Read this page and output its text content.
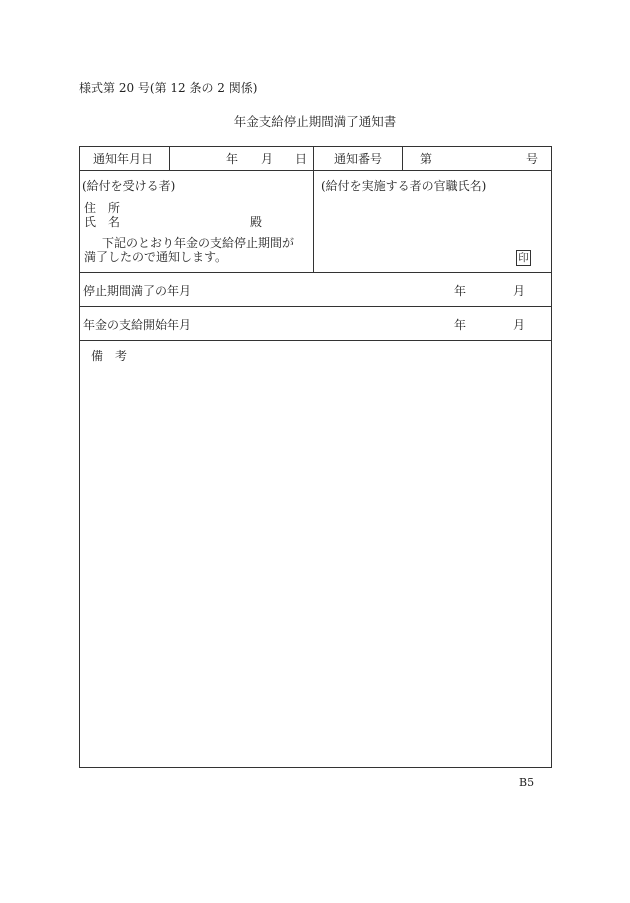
様式第 20 号(第 12 条の 2 関係)
年金支給停止期間満了通知書
通知年月日	年 月 日 通知番号	第	号
(給付を受ける者)
住　所
氏　名	殿
下記のとおり年金の支給停止期間が
満了したので通知します。
(給付を実施する者の官職氏名)
印
停止期間満了の年月	年	月
年金の支給開始年月	年	月
備　考
B5
